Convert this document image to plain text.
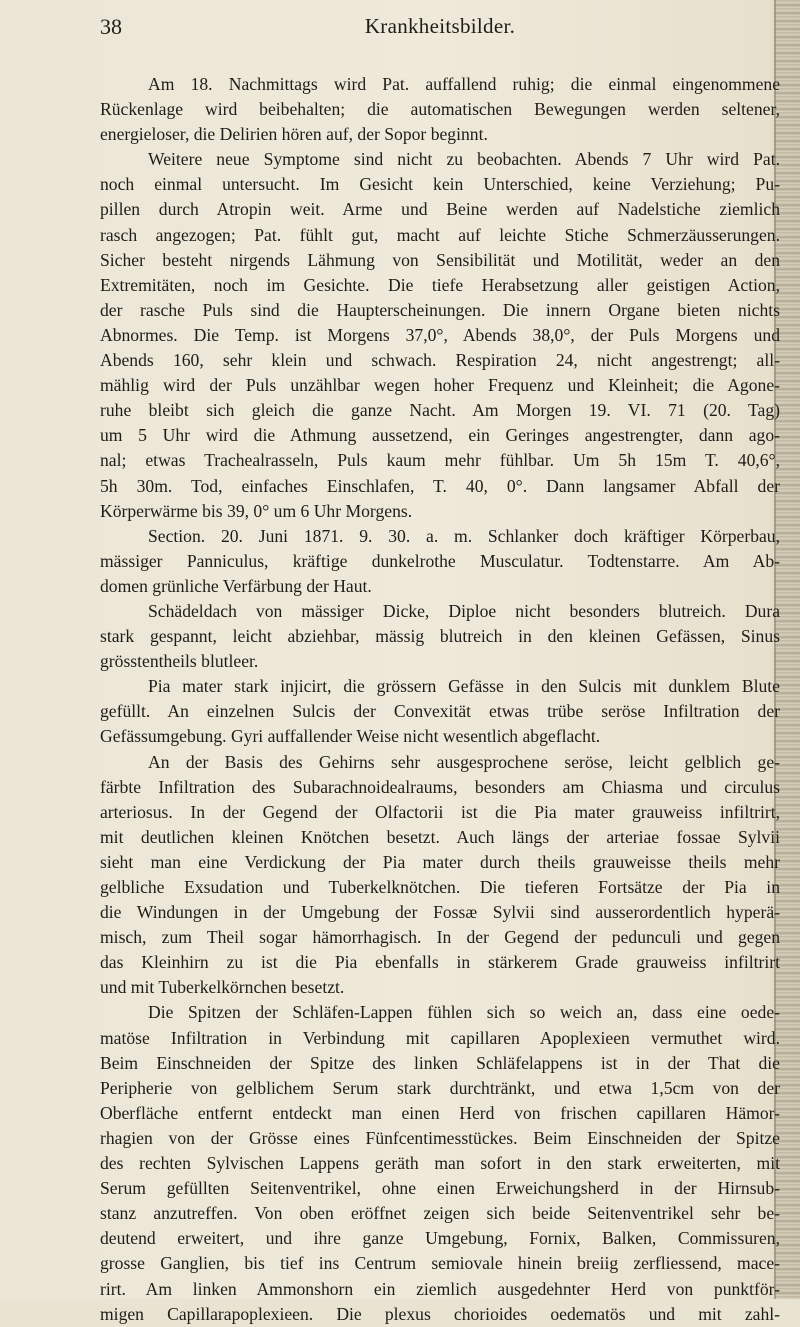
38	Krankheitsbilder.
Am 18. Nachmittags wird Pat. auffallend ruhig; die einmal eingenommene
Rückenlage wird beibehalten; die automatischen Bewegungen werden seltener,
energieloser, die Delirien hören auf, der Sopor beginnt.
Weitere neue Symptome sind nicht zu beobachten. Abends 7 Uhr wird Pat.
noch einmal untersucht. Im Gesicht kein Unterschied, keine Verziehung; Pu-
pillen durch Atropin weit. Arme und Beine werden auf Nadelstiche ziemlich
rasch angezogen; Pat. fühlt gut, macht auf leichte Stiche Schmerzäusserungen.
Sicher besteht nirgends Lähmung von Sensibilität und Motilität, weder an den
Extremitäten, noch im Gesichte. Die tiefe Herabsetzung aller geistigen Action,
der rasche Puls sind die Haupterscheinungen. Die innern Organe bieten nichts
Abnormes. Die Temp. ist Morgens 37,0°, Abends 38,0°, der Puls Morgens und
Abends 160, sehr klein und schwach. Respiration 24, nicht angestrengt; all-
mählig wird der Puls unzählbar wegen hoher Frequenz und Kleinheit; die Agone-
ruhe bleibt sich gleich die ganze Nacht. Am Morgen 19. VI. 71 (20. Tag)
um 5 Uhr wird die Athmung aussetzend, ein Geringes angestrengter, dann ago-
nal; etwas Trachealrasseln, Puls kaum mehr fühlbar. Um 5h 15m T. 40,6°,
5h 30m. Tod, einfaches Einschlafen, T. 40, 0°. Dann langsamer Abfall der
Körperwärme bis 39, 0° um 6 Uhr Morgens.
Section. 20. Juni 1871. 9. 30. a. m. Schlanker doch kräftiger Körperbau,
mässiger Panniculus, kräftige dunkelrothe Musculatur. Todtenstarre. Am Ab-
domen grünliche Verfärbung der Haut.
Schädeldach von mässiger Dicke, Diploe nicht besonders blutreich. Dura
stark gespannt, leicht abziehbar, mässig blutreich in den kleinen Gefässen, Sinus
grösstentheils blutleer.
Pia mater stark injicirt, die grössern Gefässe in den Sulcis mit dunklem Blute
gefüllt. An einzelnen Sulcis der Convexität etwas trübe seröse Infiltration der
Gefässumgebung. Gyri auffallender Weise nicht wesentlich abgeflacht.
An der Basis des Gehirns sehr ausgesprochene seröse, leicht gelblich ge-
färbte Infiltration des Subarachnoidealraums, besonders am Chiasma und circulus
arteriosus. In der Gegend der Olfactorii ist die Pia mater grauweiss infiltrirt,
mit deutlichen kleinen Knötchen besetzt. Auch längs der arteriae fossae Sylvii
sieht man eine Verdickung der Pia mater durch theils grauweisse theils mehr
gelbliche Exsudation und Tuberkelknötchen. Die tieferen Fortsätze der Pia in
die Windungen in der Umgebung der Fossæ Sylvii sind ausserordentlich hyperä-
misch, zum Theil sogar hämorrhagisch. In der Gegend der pedunculi und gegen
das Kleinhirn zu ist die Pia ebenfalls in stärkerem Grade grauweiss infiltrirt
und mit Tuberkelkörnchen besetzt.
Die Spitzen der Schläfen-Lappen fühlen sich so weich an, dass eine oede-
matöse Infiltration in Verbindung mit capillaren Apoplexieen vermuthet wird.
Beim Einschneiden der Spitze des linken Schläfelappens ist in der That die
Peripherie von gelblichem Serum stark durchtränkt, und etwa 1,5cm von der
Oberfläche entfernt entdeckt man einen Herd von frischen capillaren Hämor-
rhagien von der Grösse eines Fünfcentimesstückes. Beim Einschneiden der Spitze
des rechten Sylvischen Lappens geräth man sofort in den stark erweiterten, mit
Serum gefüllten Seitenventrikel, ohne einen Erweichungsherd in der Hirnsub-
stanz anzutreffen. Von oben eröffnet zeigen sich beide Seitenventrikel sehr be-
deutend erweitert, und ihre ganze Umgebung, Fornix, Balken, Commissuren,
grosse Ganglien, bis tief ins Centrum semiovale hinein breiig zerfliessend, mace-
rirt. Am linken Ammonshorn ein ziemlich ausgedehnter Herd von punktför-
migen Capillarapoplexieen. Die plexus chorioides oedematös und mit zahl-
